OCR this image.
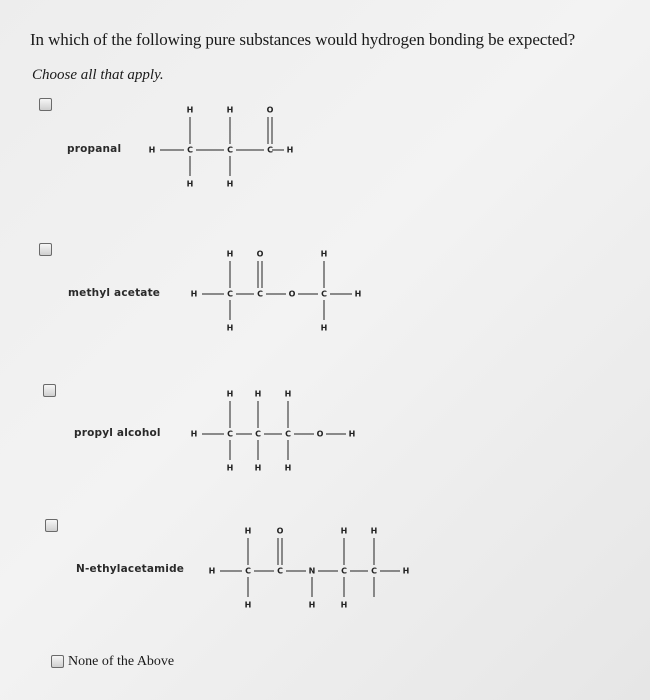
In which of the following pure substances would hydrogen bonding be expected?
Choose all that apply.
propanal	H	C	C	C H
H	H	O
H	H
methyl acetate	H	C	C	O	C	H
H	O	H
H	H
propyl alcohol	H	C	C	C	O	H
H	H	H
H	H	H
N-ethylacetamide	H	C	C	N	C	C	H
H	O	H	H
H	H	H
None of the Above
